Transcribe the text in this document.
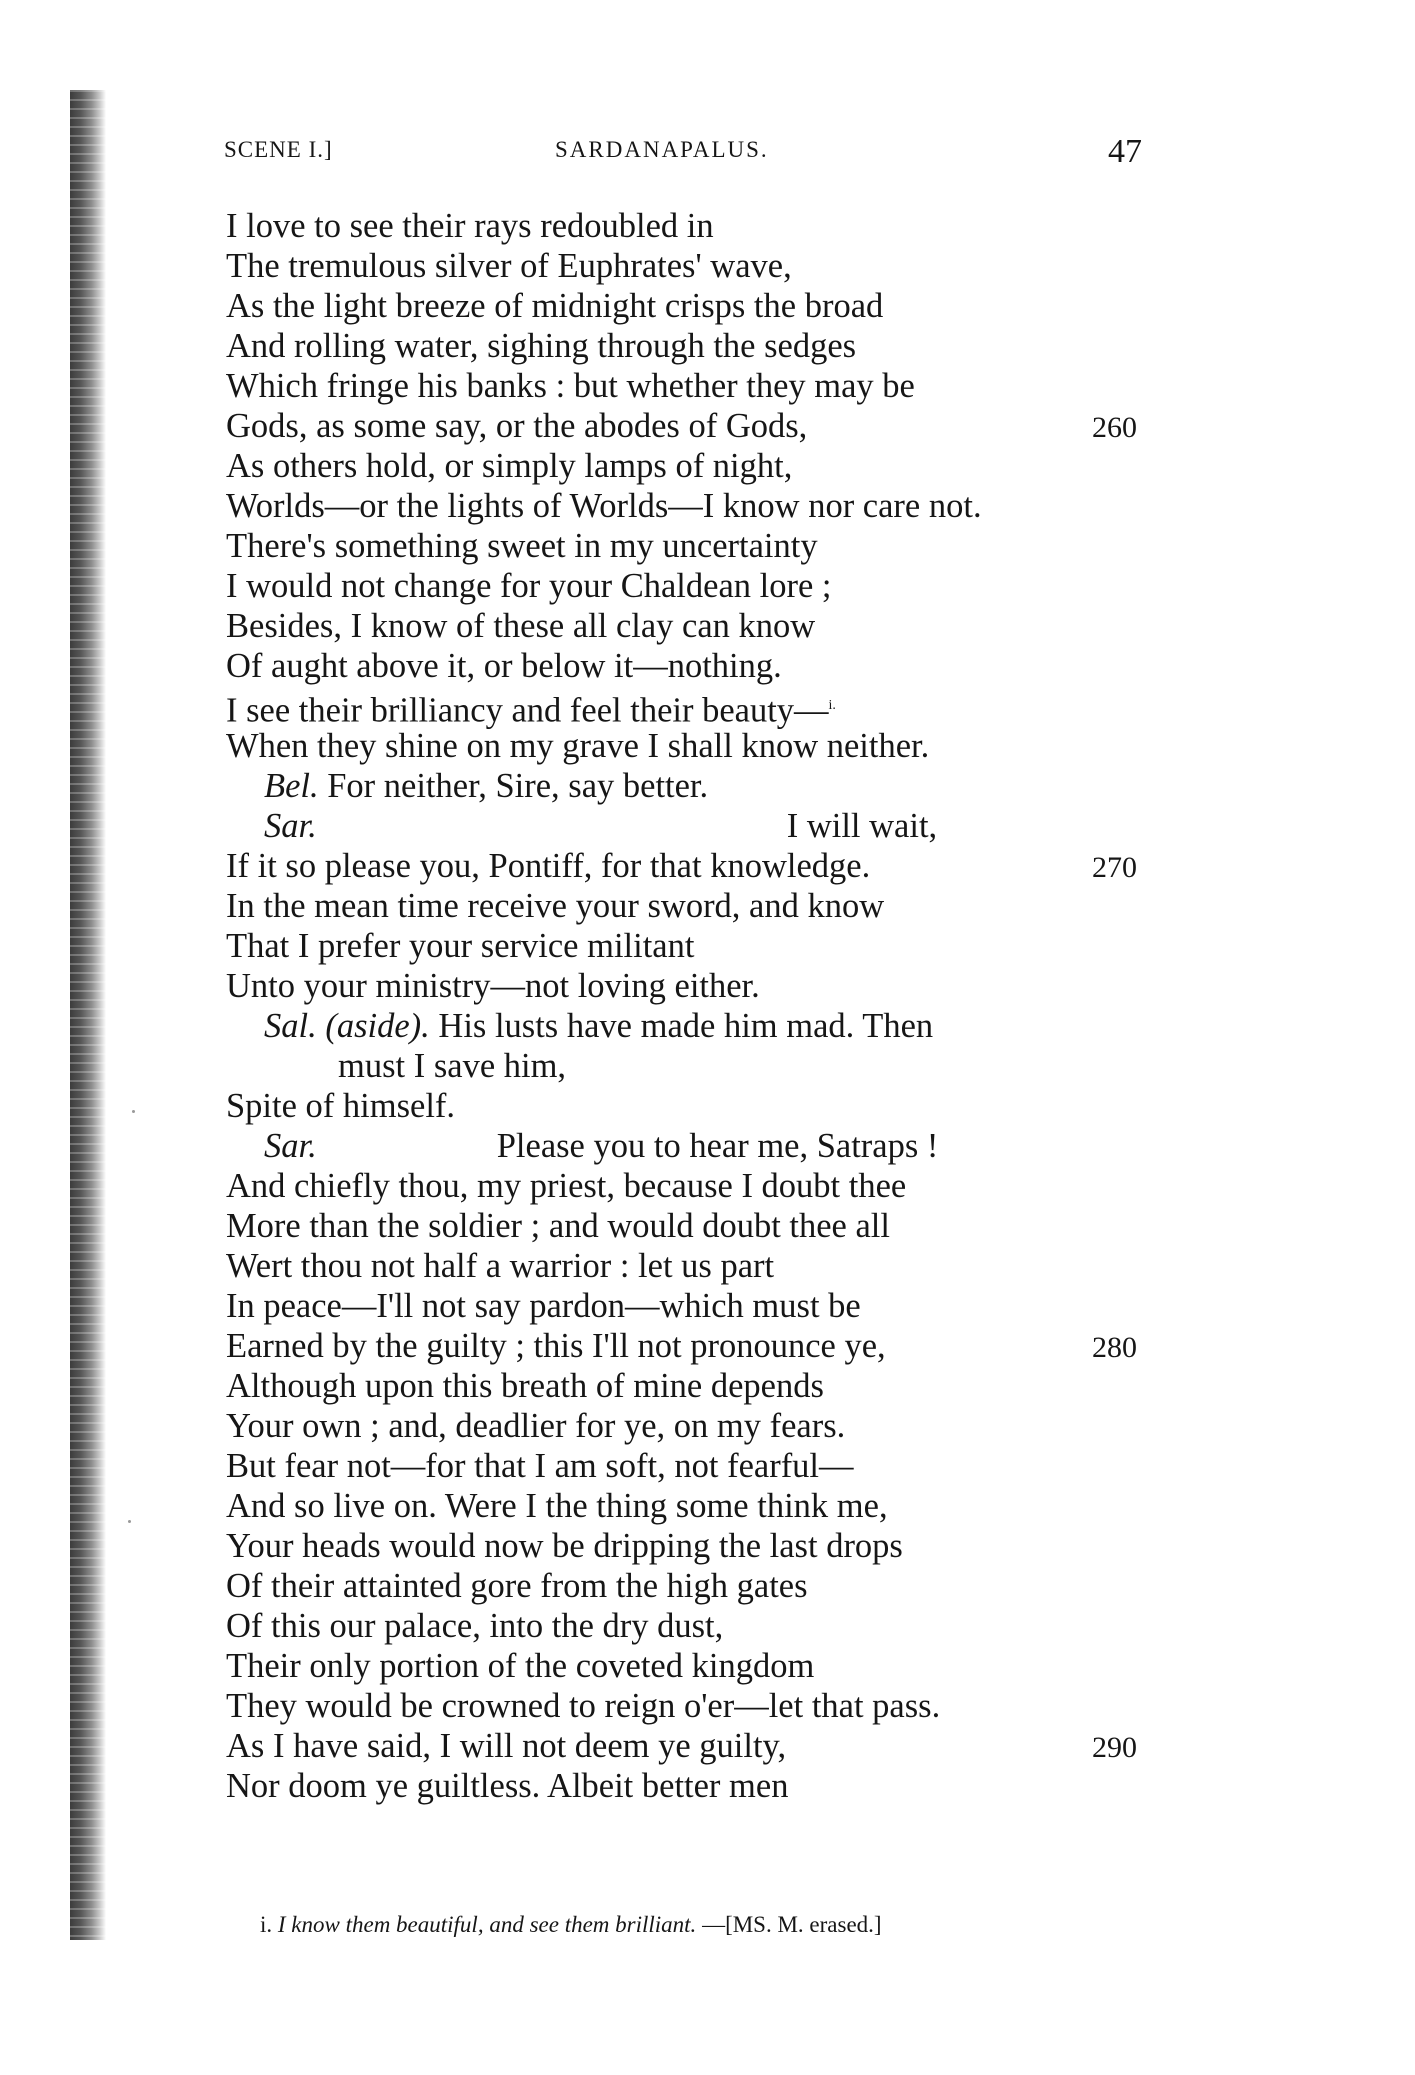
SCENE I.]	SARDANAPALUS.	47
I love to see their rays redoubled in
The tremulous silver of Euphrates' wave,
As the light breeze of midnight crisps the broad
And rolling water, sighing through the sedges
Which fringe his banks : but whether they may be
Gods, as some say, or the abodes of Gods,	260
As others hold, or simply lamps of night,
Worlds—or the lights of Worlds—I know nor care not.
There's something sweet in my uncertainty
I would not change for your Chaldean lore ;
Besides, I know of these all clay can know
Of aught above it, or below it—nothing.
I see their brilliancy and feel their beauty—$^{i.}$
When they shine on my grave I shall know neither.
Bel. For neither, Sire, say better.
Sar.	I will wait,
If it so please you, Pontiff, for that knowledge.	270
In the mean time receive your sword, and know
That I prefer your service militant
Unto your ministry—not loving either.
Sal. (aside). His lusts have made him mad. Then
must I save him,
Spite of himself.
Sar.	Please you to hear me, Satraps !
And chiefly thou, my priest, because I doubt thee
More than the soldier ; and would doubt thee all
Wert thou not half a warrior : let us part
In peace—I'll not say pardon—which must be
Earned by the guilty ; this I'll not pronounce ye,	280
Although upon this breath of mine depends
Your own ; and, deadlier for ye, on my fears.
But fear not—for that I am soft, not fearful—
And so live on. Were I the thing some think me,
Your heads would now be dripping the last drops
Of their attainted gore from the high gates
Of this our palace, into the dry dust,
Their only portion of the coveted kingdom
They would be crowned to reign o'er—let that pass.
As I have said, I will not deem ye guilty,	290
Nor doom ye guiltless. Albeit better men
i. I know them beautiful, and see them brilliant. —[MS. M. erased.]
